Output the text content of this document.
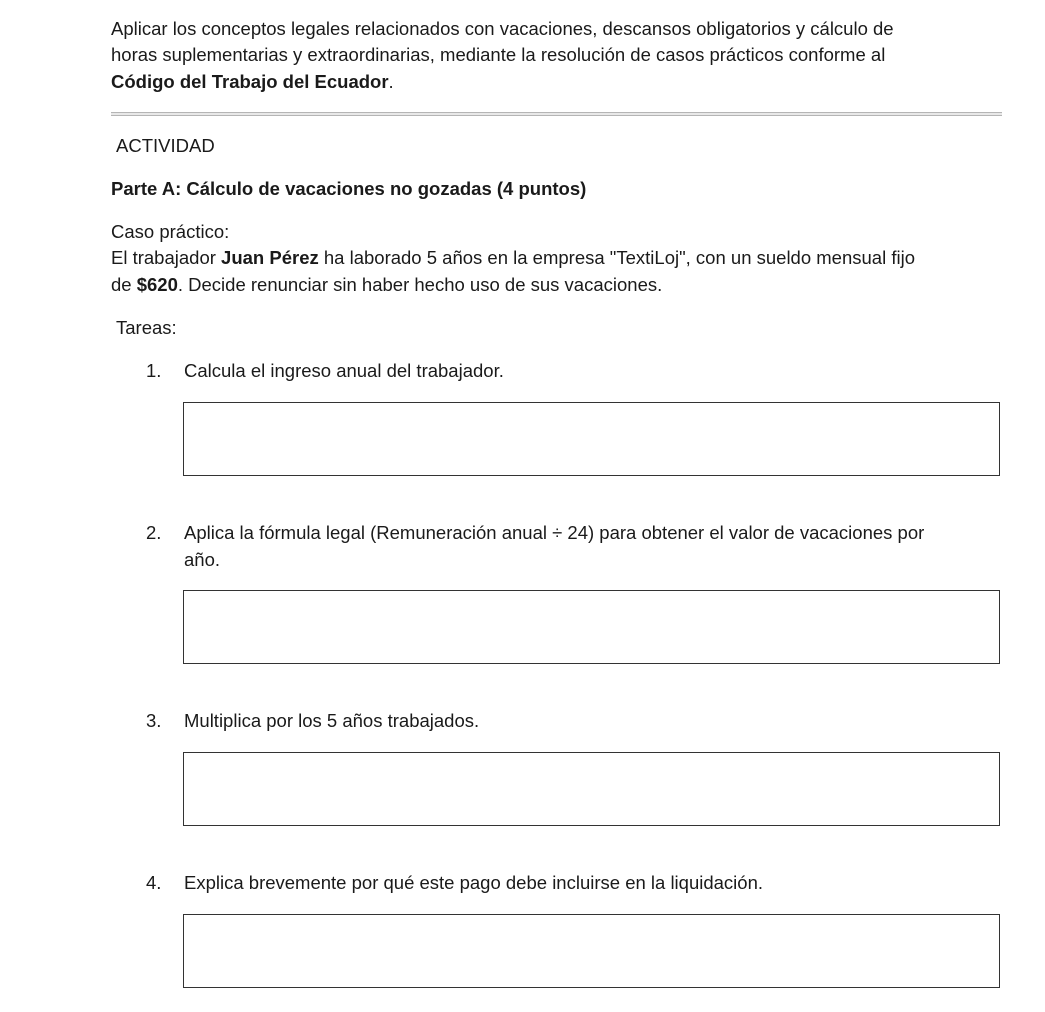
Aplicar los conceptos legales relacionados con vacaciones, descansos obligatorios y cálculo de
horas suplementarias y extraordinarias, mediante la resolución de casos prácticos conforme al
Código del Trabajo del Ecuador.
ACTIVIDAD
Parte A: Cálculo de vacaciones no gozadas (4 puntos)
Caso práctico:
El trabajador Juan Pérez ha laborado 5 años en la empresa "TextiLoj", con un sueldo mensual fijo
de $620. Decide renunciar sin haber hecho uso de sus vacaciones.
Tareas:
1. Calcula el ingreso anual del trabajador.
2. Aplica la fórmula legal (Remuneración anual ÷ 24) para obtener el valor de vacaciones por
año.
3. Multiplica por los 5 años trabajados.
4. Explica brevemente por qué este pago debe incluirse en la liquidación.
